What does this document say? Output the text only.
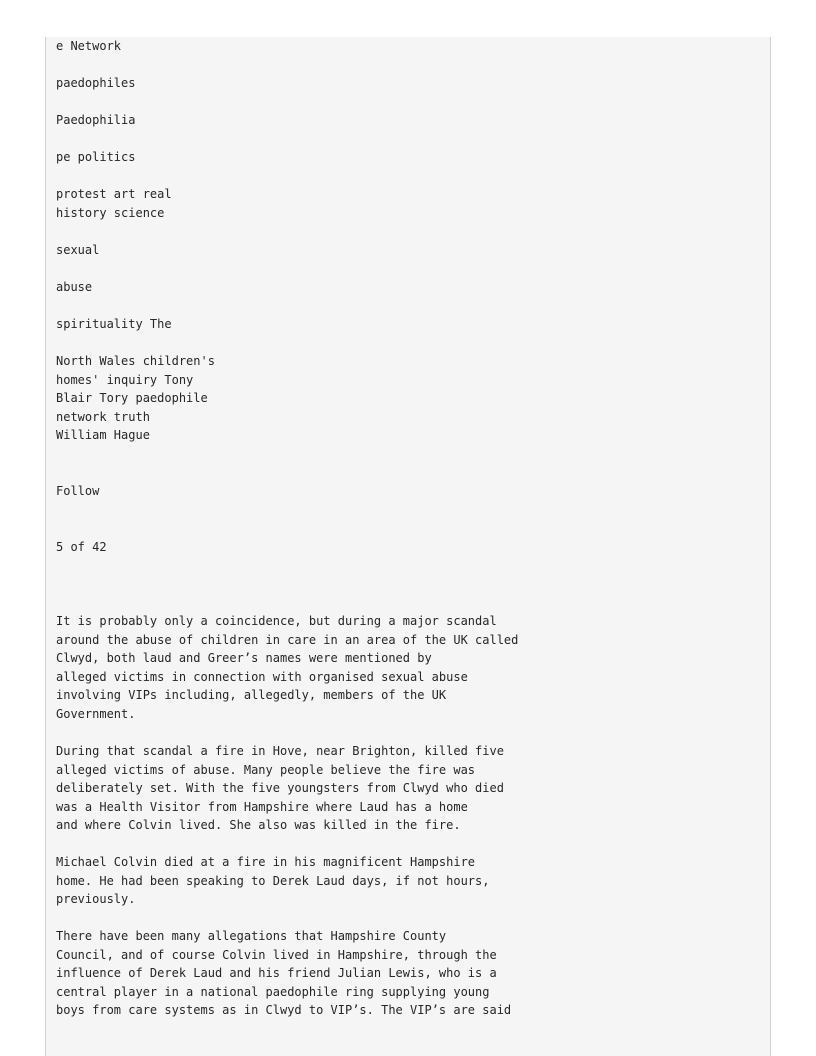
e Network

paedophiles

Paedophilia

pe politics

protest art real
history science

sexual

abuse

spirituality The

North Wales children's
homes' inquiry Tony
Blair Tory paedophile
network truth
William Hague

Follow

5 of 42

It is probably only a coincidence, but during a major scandal
around the abuse of children in care in an area of the UK called
Clwyd, both laud and Greer’s names were mentioned by
alleged victims in connection with organised sexual abuse
involving VIPs including, allegedly, members of the UK
Government.

During that scandal a fire in Hove, near Brighton, killed five
alleged victims of abuse. Many people believe the fire was
deliberately set. With the five youngsters from Clwyd who died
was a Health Visitor from Hampshire where Laud has a home
and where Colvin lived. She also was killed in the fire.

Michael Colvin died at a fire in his magnificent Hampshire
home. He had been speaking to Derek Laud days, if not hours,
previously.

There have been many allegations that Hampshire County
Council, and of course Colvin lived in Hampshire, through the
influence of Derek Laud and his friend Julian Lewis, who is a
central player in a national paedophile ring supplying young
boys from care systems as in Clwyd to VIP’s. The VIP’s are said
